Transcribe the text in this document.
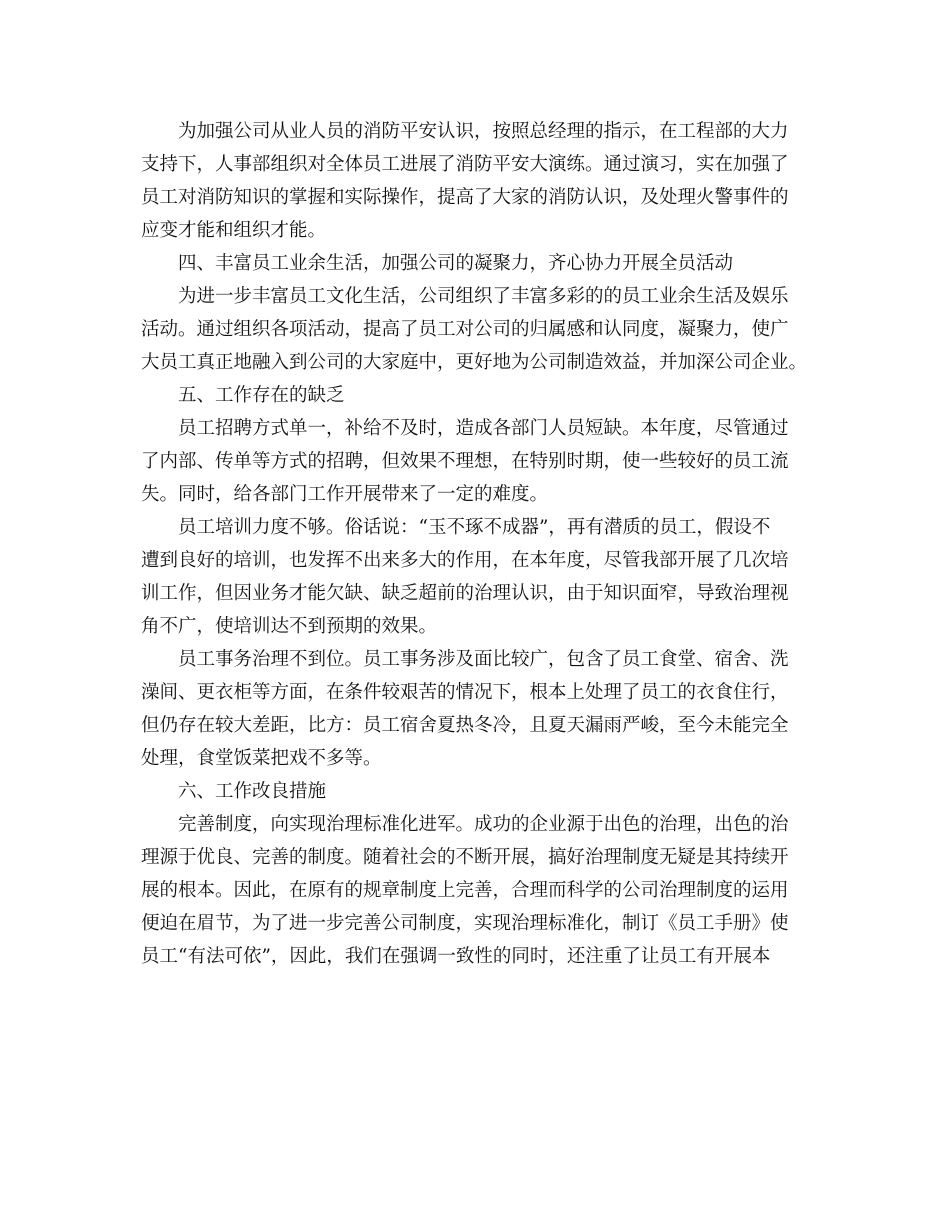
为加强公司从业人员的消防平安认识，按照总经理的指示，在工程部的大力
支持下，人事部组织对全体员工进展了消防平安大演练。通过演习，实在加强了
员工对消防知识的掌握和实际操作，提高了大家的消防认识，及处理火警事件的
应变才能和组织才能。
四、丰富员工业余生活，加强公司的凝聚力，齐心协力开展全员活动
为进一步丰富员工文化生活，公司组织了丰富多彩的的员工业余生活及娱乐
活动。通过组织各项活动，提高了员工对公司的归属感和认同度，凝聚力，使广
大员工真正地融入到公司的大家庭中，更好地为公司制造效益，并加深公司企业。
五、工作存在的缺乏
员工招聘方式单一，补给不及时，造成各部门人员短缺。本年度，尽管通过
了内部、传单等方式的招聘，但效果不理想，在特别时期，使一些较好的员工流
失。同时，给各部门工作开展带来了一定的难度。
员工培训力度不够。俗话说：“玉不琢不成器”，再有潜质的员工，假设不
遭到良好的培训，也发挥不出来多大的作用，在本年度，尽管我部开展了几次培
训工作，但因业务才能欠缺、缺乏超前的治理认识，由于知识面窄，导致治理视
角不广，使培训达不到预期的效果。
员工事务治理不到位。员工事务涉及面比较广，包含了员工食堂、宿舍、洗
澡间、更衣柜等方面，在条件较艰苦的情况下，根本上处理了员工的衣食住行，
但仍存在较大差距，比方：员工宿舍夏热冬冷，且夏天漏雨严峻，至今未能完全
处理，食堂饭菜把戏不多等。
六、工作改良措施
完善制度，向实现治理标准化进军。成功的企业源于出色的治理，出色的治
理源于优良、完善的制度。随着社会的不断开展，搞好治理制度无疑是其持续开
展的根本。因此，在原有的规章制度上完善，合理而科学的公司治理制度的运用
便迫在眉节，为了进一步完善公司制度，实现治理标准化，制订《员工手册》使
员工“有法可依”，因此，我们在强调一致性的同时，还注重了让员工有开展本
